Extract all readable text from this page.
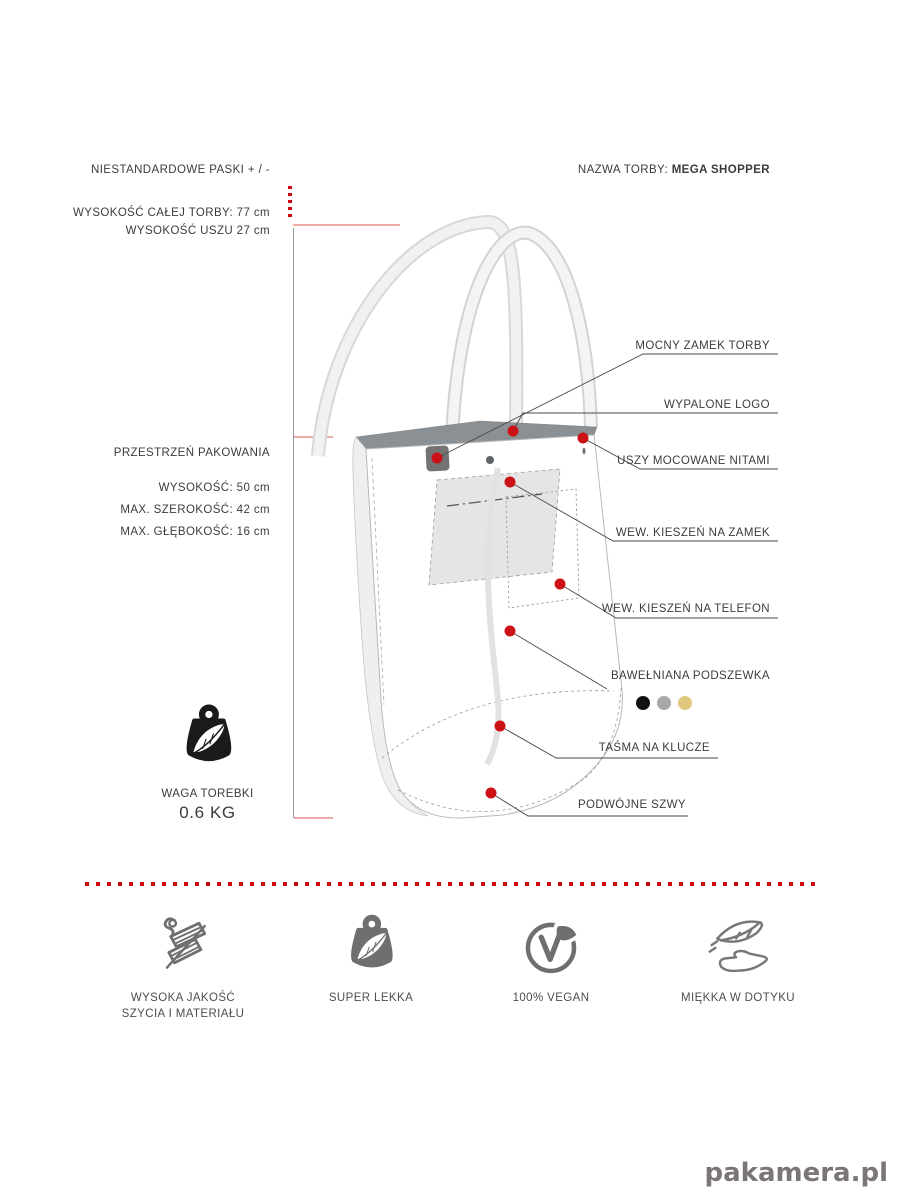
NIESTANDARDOWE PASKI + / -
WYSOKOŚĆ CAŁEJ TORBY: 77 cm
WYSOKOŚĆ USZU 27 cm
NAZWA TORBY: MEGA SHOPPER
PRZESTRZEŃ PAKOWANIA
WYSOKOŚĆ: 50 cm
MAX. SZEROKOŚĆ: 42 cm
MAX. GŁĘBOKOŚĆ: 16 cm
MOCNY ZAMEK TORBY
WYPALONE LOGO
USZY MOCOWANE NITAMI
WEW. KIESZEŃ NA ZAMEK
WEW. KIESZEŃ NA TELEFON
BAWEŁNIANA PODSZEWKA
TAŚMA NA KLUCZE
PODWÓJNE SZWY
WAGA TOREBKI
0.6 KG
WYSOKA JAKOŚĆ
SZYCIA I MATERIAŁU
SUPER LEKKA	100% VEGAN	MIĘKKA W DOTYKU
pakamera.pl
